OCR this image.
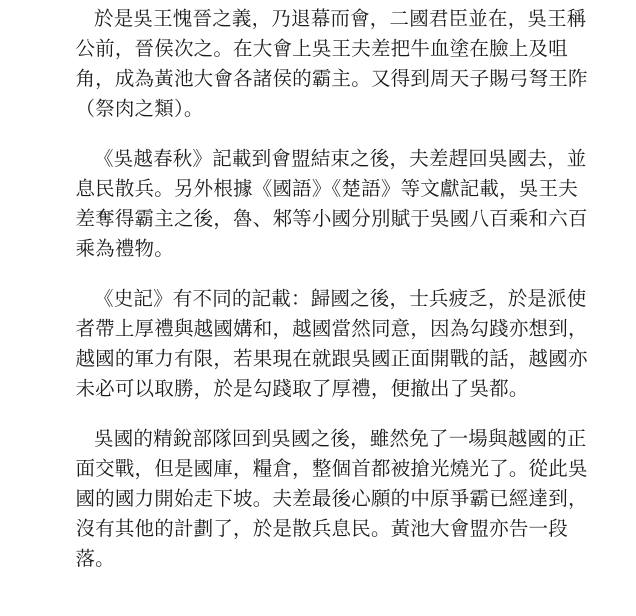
於是吳王愧晉之義，乃退幕而會，二國君臣並在，吳王稱
公前，晉侯次之。在大會上吳王夫差把牛血塗在臉上及咀
角，成為黃池大會各諸侯的霸主。又得到周天子賜弓弩王阼
（祭肉之類）。

《吳越春秋》記載到會盟結束之後，夫差趕回吳國去，並
息民散兵。另外根據《國語》《楚語》等文獻記載，吳王夫
差奪得霸主之後，魯、邾等小國分別賦于吳國八百乘和六百
乘為禮物。

《史記》有不同的記載：歸國之後，士兵疲乏，於是派使
者帶上厚禮與越國媾和，越國當然同意，因為勾踐亦想到，
越國的軍力有限，若果現在就跟吳國正面開戰的話，越國亦
未必可以取勝，於是勾踐取了厚禮，便撤出了吳都。

吳國的精銳部隊回到吳國之後，雖然免了一場與越國的正
面交戰，但是國庫，糧倉，整個首都被搶光燒光了。從此吳
國的國力開始走下坡。夫差最後心願的中原爭霸已經達到，
沒有其他的計劃了，於是散兵息民。黃池大會盟亦告一段
落。
